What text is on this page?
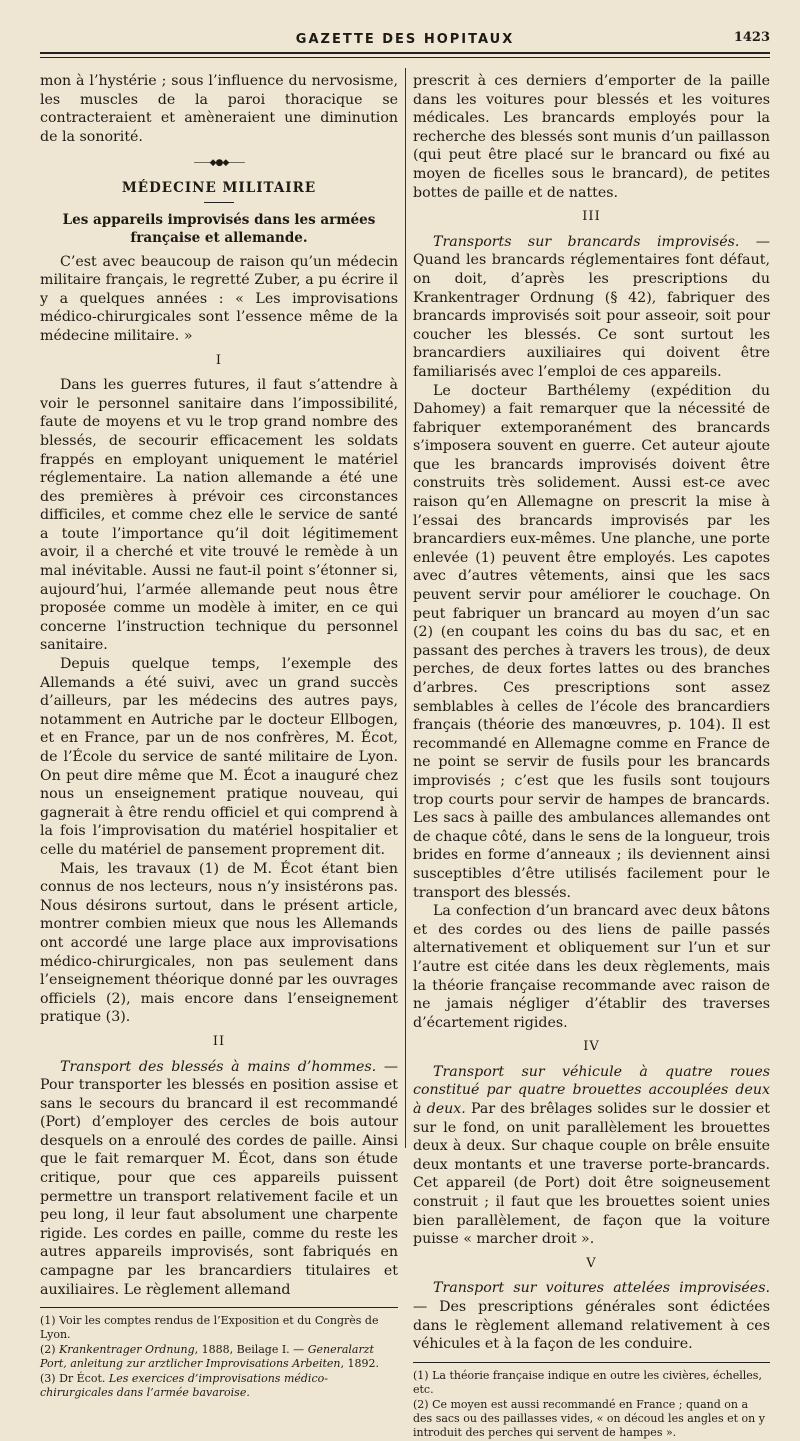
GAZETTE DES HOPITAUX	1423

mon à l’hystérie ; sous l’influence du nervosisme, les muscles de la paroi thoracique se contracteraient et amèneraient une diminution de la sonorité.

——◆●◆——
MÉDECINE MILITAIRE
Les appareils improvisés dans les armées française et allemande.

C’est avec beaucoup de raison qu’un médecin militaire français, le regretté Zuber, a pu écrire il y a quelques années : « Les improvisations médico-chirurgicales sont l’essence même de la médecine militaire. »

I

Dans les guerres futures, il faut s’attendre à voir le personnel sanitaire dans l’impossibilité, faute de moyens et vu le trop grand nombre des blessés, de secourir efficacement les soldats frappés en employant uniquement le matériel réglementaire. La nation allemande a été une des premières à prévoir ces circonstances difficiles, et comme chez elle le service de santé a toute l’importance qu’il doit légitimement avoir, il a cherché et vite trouvé le remède à un mal inévitable. Aussi ne faut-il point s’étonner si, aujourd’hui, l’armée allemande peut nous être proposée comme un modèle à imiter, en ce qui concerne l’instruction technique du personnel sanitaire.

Depuis quelque temps, l’exemple des Allemands a été suivi, avec un grand succès d’ailleurs, par les médecins des autres pays, notamment en Autriche par le docteur Ellbogen, et en France, par un de nos confrères, M. Écot, de l’École du service de santé militaire de Lyon. On peut dire même que M. Écot a inauguré chez nous un enseignement pratique nouveau, qui gagnerait à être rendu officiel et qui comprend à la fois l’improvisation du matériel hospitalier et celle du matériel de pansement proprement dit.

Mais, les travaux (1) de M. Écot étant bien connus de nos lecteurs, nous n’y insistérons pas. Nous désirons surtout, dans le présent article, montrer combien mieux que nous les Allemands ont accordé une large place aux improvisations médico-chirurgicales, non pas seulement dans l’enseignement théorique donné par les ouvrages officiels (2), mais encore dans l’enseignement pratique (3).

II

Transport des blessés à mains d’hommes. — Pour transporter les blessés en position assise et sans le secours du brancard il est recommandé (Port) d’employer des cercles de bois autour desquels on a enroulé des cordes de paille. Ainsi que le fait remarquer M. Écot, dans son étude critique, pour que ces appareils puissent permettre un transport relativement facile et un peu long, il leur faut absolument une charpente rigide. Les cordes en paille, comme du reste les autres appareils improvisés, sont fabriqués en campagne par les brancardiers titulaires et auxiliaires. Le règlement allemand

(1) Voir les comptes rendus de l’Exposition et du Congrès de Lyon.

(2) Krankentrager Ordnung, 1888, Beilage I. — Generalarzt Port, anleitung zur arztlicher Improvisations Arbeiten, 1892.

(3) Dr Écot. Les exercices d’improvisations médico-chirurgicales dans l’armée bavaroise.

prescrit à ces derniers d’emporter de la paille dans les voitures pour blessés et les voitures médicales. Les brancards employés pour la recherche des blessés sont munis d’un paillasson (qui peut être placé sur le brancard ou fixé au moyen de ficelles sous le brancard), de petites bottes de paille et de nattes.

III

Transports sur brancards improvisés. — Quand les brancards réglementaires font défaut, on doit, d’après les prescriptions du Krankentrager Ordnung (§ 42), fabriquer des brancards improvisés soit pour asseoir, soit pour coucher les blessés. Ce sont surtout les brancardiers auxiliaires qui doivent être familiarisés avec l’emploi de ces appareils.

Le docteur Barthélemy (expédition du Dahomey) a fait remarquer que la nécessité de fabriquer extemporanément des brancards s’imposera souvent en guerre. Cet auteur ajoute que les brancards improvisés doivent être construits très solidement. Aussi est-ce avec raison qu’en Allemagne on prescrit la mise à l’essai des brancards improvisés par les brancardiers eux-mêmes. Une planche, une porte enlevée (1) peuvent être employés. Les capotes avec d’autres vêtements, ainsi que les sacs peuvent servir pour améliorer le couchage. On peut fabriquer un brancard au moyen d’un sac (2) (en coupant les coins du bas du sac, et en passant des perches à travers les trous), de deux perches, de deux fortes lattes ou des branches d’arbres. Ces prescriptions sont assez semblables à celles de l’école des brancardiers français (théorie des manœuvres, p. 104). Il est recommandé en Allemagne comme en France de ne point se servir de fusils pour les brancards improvisés ; c’est que les fusils sont toujours trop courts pour servir de hampes de brancards. Les sacs à paille des ambulances allemandes ont de chaque côté, dans le sens de la longueur, trois brides en forme d’anneaux ; ils deviennent ainsi susceptibles d’être utilisés facilement pour le transport des blessés.

La confection d’un brancard avec deux bâtons et des cordes ou des liens de paille passés alternativement et obliquement sur l’un et sur l’autre est citée dans les deux règlements, mais la théorie française recommande avec raison de ne jamais négliger d’établir des traverses d’écartement rigides.

IV

Transport sur véhicule à quatre roues constitué par quatre brouettes accouplées deux à deux. Par des brêlages solides sur le dossier et sur le fond, on unit parallèlement les brouettes deux à deux. Sur chaque couple on brêle ensuite deux montants et une traverse porte-brancards. Cet appareil (de Port) doit être soigneusement construit ; il faut que les brouettes soient unies bien parallèlement, de façon que la voiture puisse « marcher droit ».

V

Transport sur voitures attelées improvisées. — Des prescriptions générales sont édictées dans le règlement allemand relativement à ces véhicules et à la façon de les conduire.

(1) La théorie française indique en outre les civières, échelles, etc.

(2) Ce moyen est aussi recommandé en France ; quand on a des sacs ou des paillasses vides, « on découd les angles et on y introduit des perches qui servent de hampes ».
